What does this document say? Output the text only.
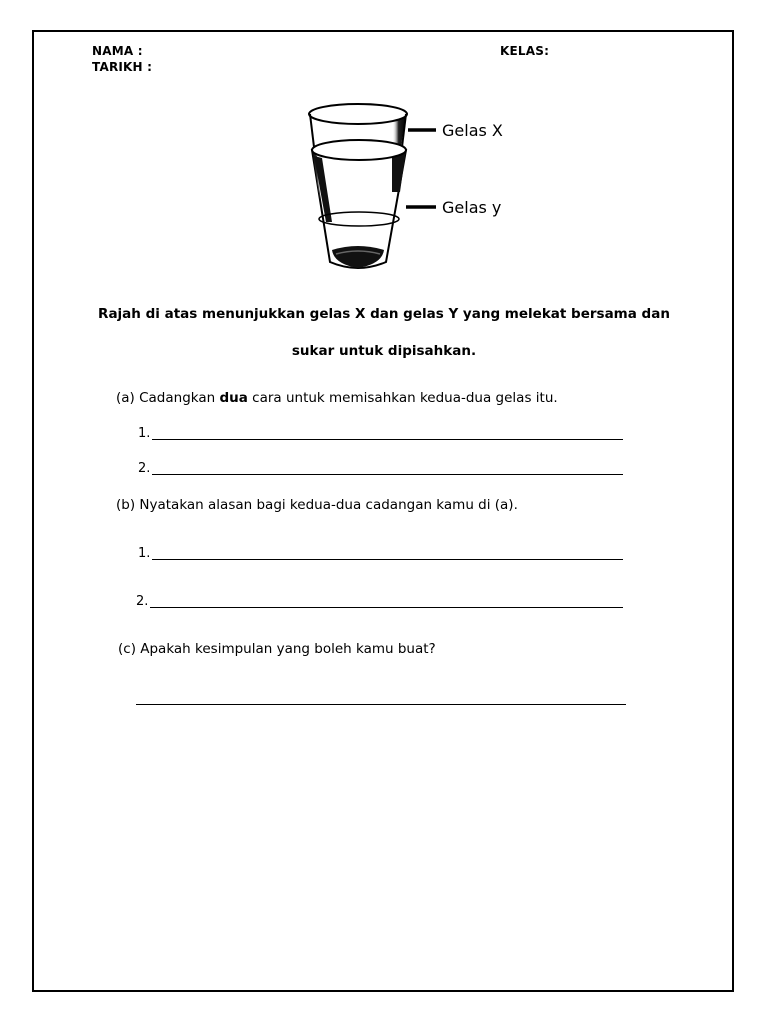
NAMA :
TARIKH :
KELAS:
Gelas X
Gelas y
Rajah di atas menunjukkan gelas X dan gelas Y yang melekat bersama dan
sukar untuk dipisahkan.
(a) Cadangkan dua cara untuk memisahkan kedua-dua gelas itu.
1.
2.
(b) Nyatakan alasan bagi kedua-dua cadangan kamu di (a).
1.
2.
(c) Apakah kesimpulan yang boleh kamu buat?
